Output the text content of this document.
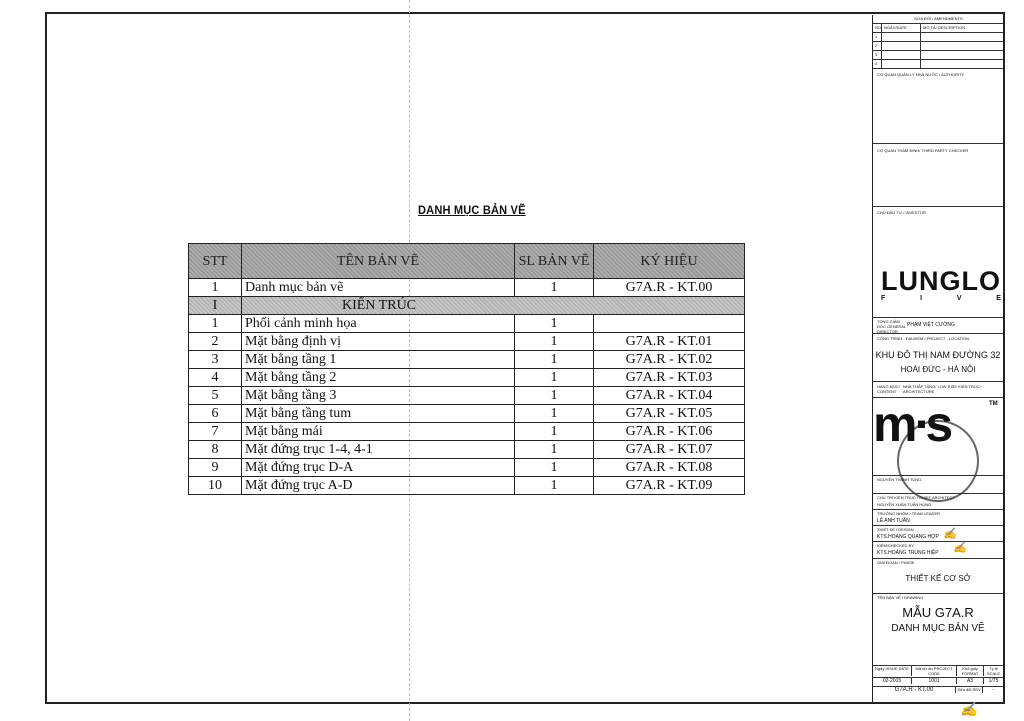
DANH MỤC BẢN VẼ
STT	TÊN BẢN VẼ	SL BẢN VẼ	KÝ HIỆU
1	Danh mục bản vẽ	1	G7A.R - KT.00
I	KIẾN TRÚC		
1	Phối cảnh minh họa	1	
2	Mặt bằng định vị	1	G7A.R - KT.01
3	Mặt bằng tầng 1	1	G7A.R - KT.02
4	Mặt bằng tầng 2	1	G7A.R - KT.03
5	Mặt bằng tầng 3	1	G7A.R - KT.04
6	Mặt bằng tầng tum	1	G7A.R - KT.05
7	Mặt bằng mái	1	G7A.R - KT.06
8	Mặt đứng trục 1-4, 4-1	1	G7A.R - KT.07
9	Mặt đứng trục D-A	1	G7A.R - KT.08
10	Mặt đứng trục A-D	1	G7A.R - KT.09
SỬA ĐỔI / AMENDMENTS:
NO NGÀY/DATE	MÔ TẢ/ DESCRIPTION
1
2
3
4
CƠ QUAN QUẢN LÝ NHÀ NƯỚC / AUTHORITY
CƠ QUAN THẨM ĐỊNH/ THIRD PARTY CHECKER
CHỦ ĐẦU TƯ / INVESTOR
LUNGLO
F	I	V	E
TỔNG GIÁM ĐỐC GENERAL DIRECTOR
PHẠM VIỆT CƯỜNG
CÔNG TRÌNH - ĐỊA ĐIỂM / PROJECT - LOCATION
KHU ĐÔ THỊ NAM ĐƯỜNG 32
HOÀI ĐỨC - HÀ NỘI
HẠNG MỤC/ CONTENT
NHÀ THẤP TẦNG/ LOW RISE KIẾN TRÚC/ ARCHITECTURE
m∙s	TM
NGUYỄN THANH TÙNG
CHỦ TRÌ KIẾN TRÚC / CHIEF ARCHITECT
NGUYỄN XUÂN TUẤN HÙNG
TRƯỞNG NHÓM / TEAM LEADER
LÊ ANH TUẤN
THIẾT KẾ / DESIGN
KTS.HOÀNG QUANG HỢP
KIỂM/CHECKED BY
KTS.HOÀNG TRUNG HIỆP
✍
✍
GIAI ĐOẠN / PHASE
THIẾT KẾ CƠ SỞ
TÊN BẢN VẼ / DRAWING
MẪU G7A.R
DANH MỤC BẢN VẼ
Ngày ISSUE DATE	Mã dự án PROJECT CODE
Khổ giấy FORMAT
Tỷ lệ SCALE
02-2015	1001	A3	1/75
G7A.R - KT.00	Sửa đổi REV	-
✍
